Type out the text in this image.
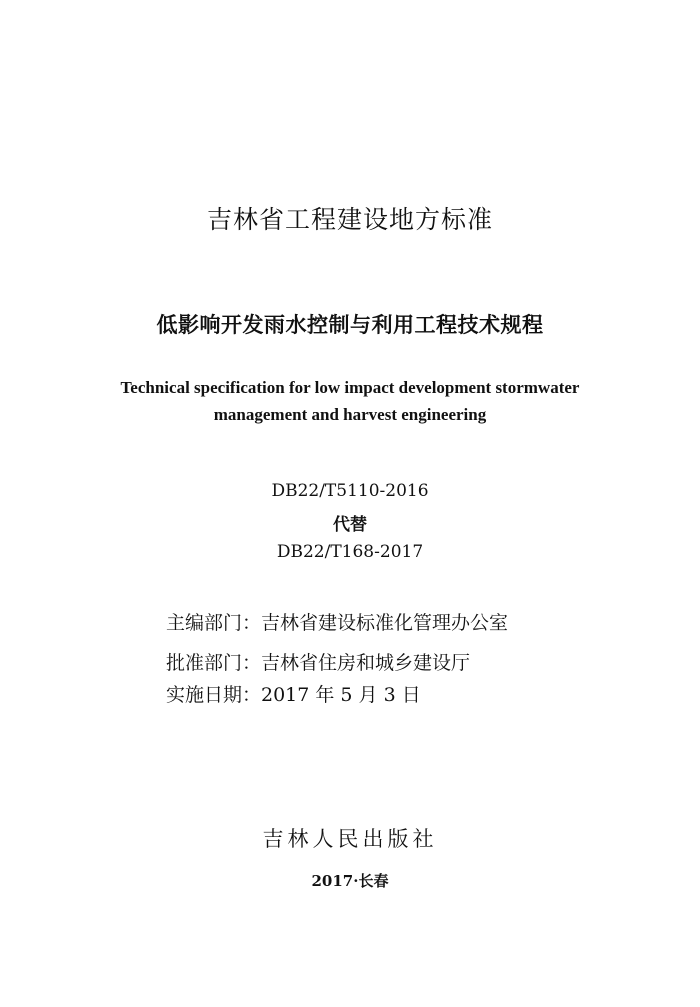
吉林省工程建设地方标准
低影响开发雨水控制与利用工程技术规程
Technical specification for low impact development stormwater
management and harvest engineering
DB22/T5110-2016
代替
DB22/T168-2017
主编部门：吉林省建设标准化管理办公室
批准部门：吉林省住房和城乡建设厅
实施日期：2017 年 5 月 3 日
吉林人民出版社
2017·长春
